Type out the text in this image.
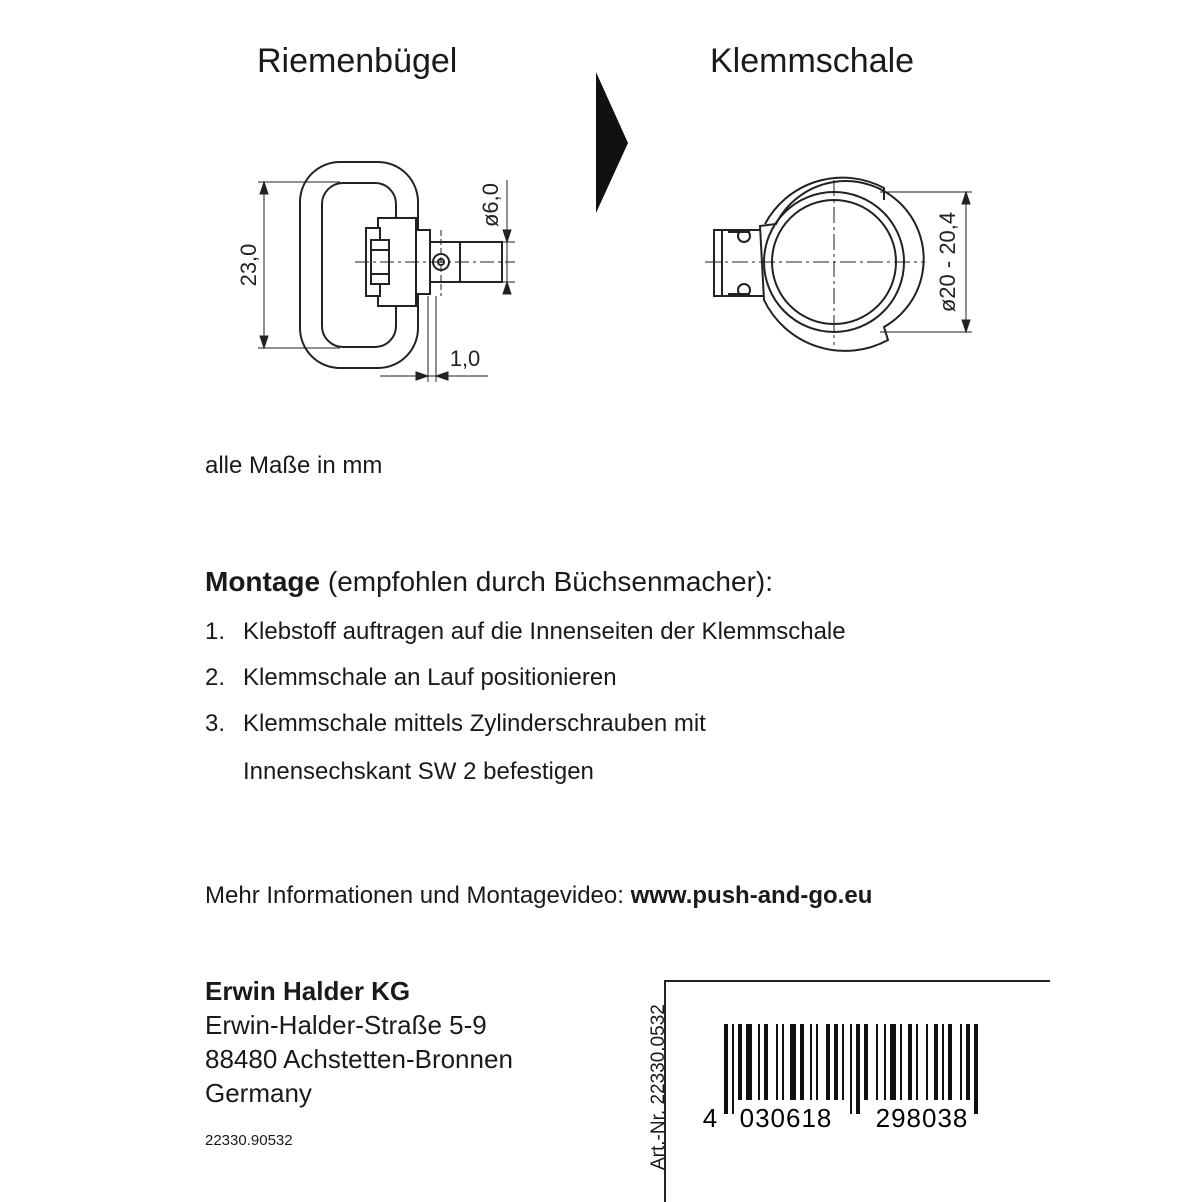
Riemenbügel	Klemmschale
23,0
ø6,0
1,0
ø20 - 20,4
alle Maße in mm
Montage (empfohlen durch Büchsenmacher):
1. Klebstoff auftragen auf die Innenseiten der Klemmschale
2. Klemmschale an Lauf positionieren
3. Klemmschale mittels Zylinderschrauben mit
Innensechskant SW 2 befestigen
Mehr Informationen und Montagevideo: www.push-and-go.eu
Erwin Halder KG
Erwin-Halder-Straße 5-9
88480 Achstetten-Bronnen
Germany
22330.90532	Art.-Nr. 22330.0532 4 030618 298038
